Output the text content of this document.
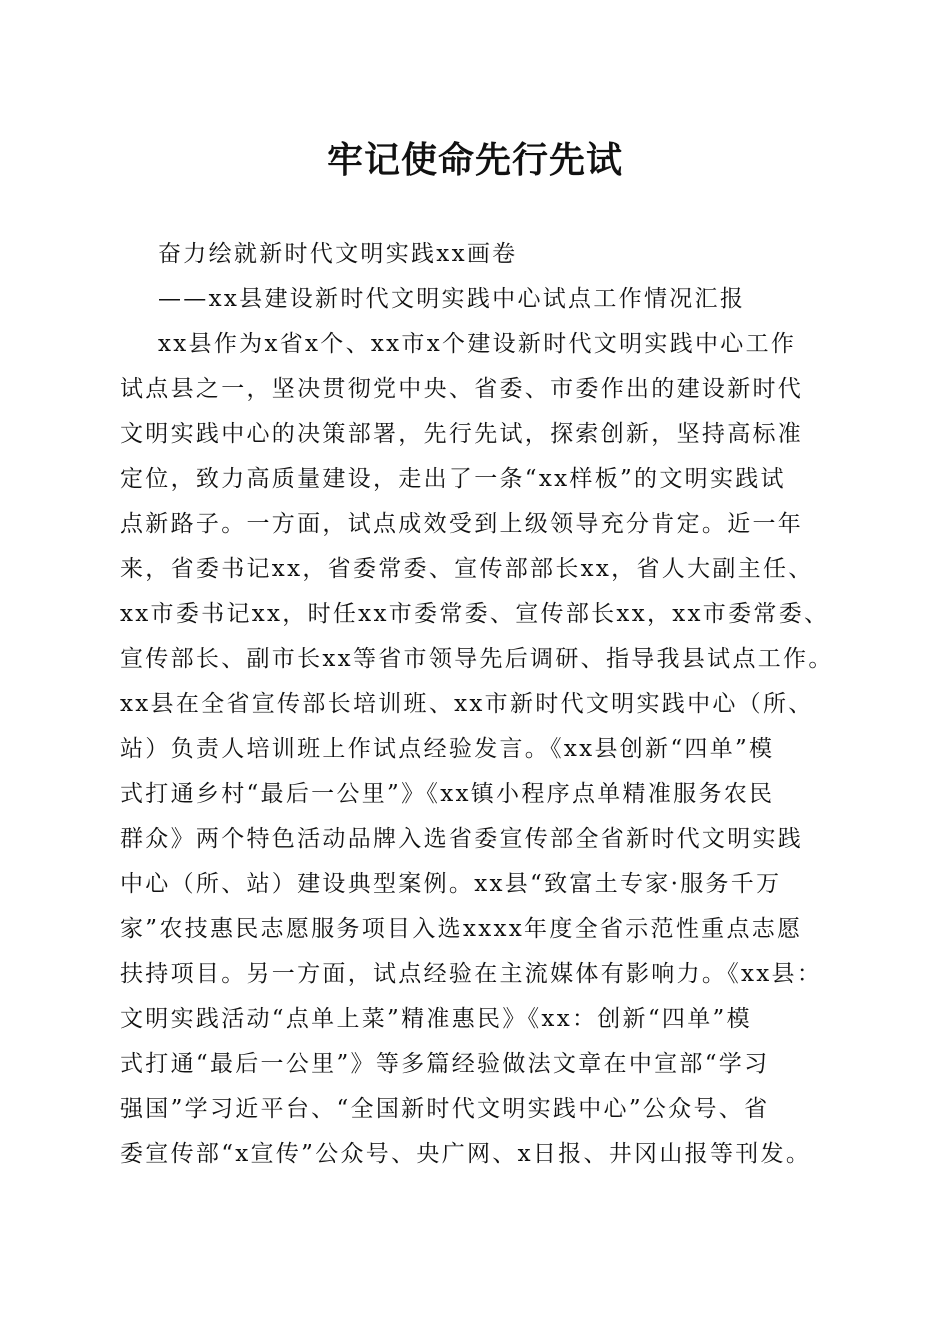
牢记使命先行先试
奋力绘就新时代文明实践xx画卷
——xx县建设新时代文明实践中心试点工作情况汇报
xx县作为x省x个、xx市x个建设新时代文明实践中心工作
试点县之一，坚决贯彻党中央、省委、市委作出的建设新时代
文明实践中心的决策部署，先行先试，探索创新，坚持高标准
定位，致力高质量建设，走出了一条“xx样板”的文明实践试
点新路子。一方面，试点成效受到上级领导充分肯定。近一年
来，省委书记xx，省委常委、宣传部部长xx，省人大副主任、
xx市委书记xx，时任xx市委常委、宣传部长xx，xx市委常委、
宣传部长、副市长xx等省市领导先后调研、指导我县试点工作。
xx县在全省宣传部长培训班、xx市新时代文明实践中心（所、
站）负责人培训班上作试点经验发言。《xx县创新“四单”模
式打通乡村“最后一公里”》《xx镇小程序点单精准服务农民
群众》两个特色活动品牌入选省委宣传部全省新时代文明实践
中心（所、站）建设典型案例。xx县“致富土专家·服务千万
家”农技惠民志愿服务项目入选xxxx年度全省示范性重点志愿
扶持项目。另一方面，试点经验在主流媒体有影响力。《xx县：
文明实践活动“点单上菜”精准惠民》《xx：创新“四单”模
式打通“最后一公里”》等多篇经验做法文章在中宣部“学习
强国”学习近平台、“全国新时代文明实践中心”公众号、省
委宣传部“x宣传”公众号、央广网、x日报、井冈山报等刊发。
